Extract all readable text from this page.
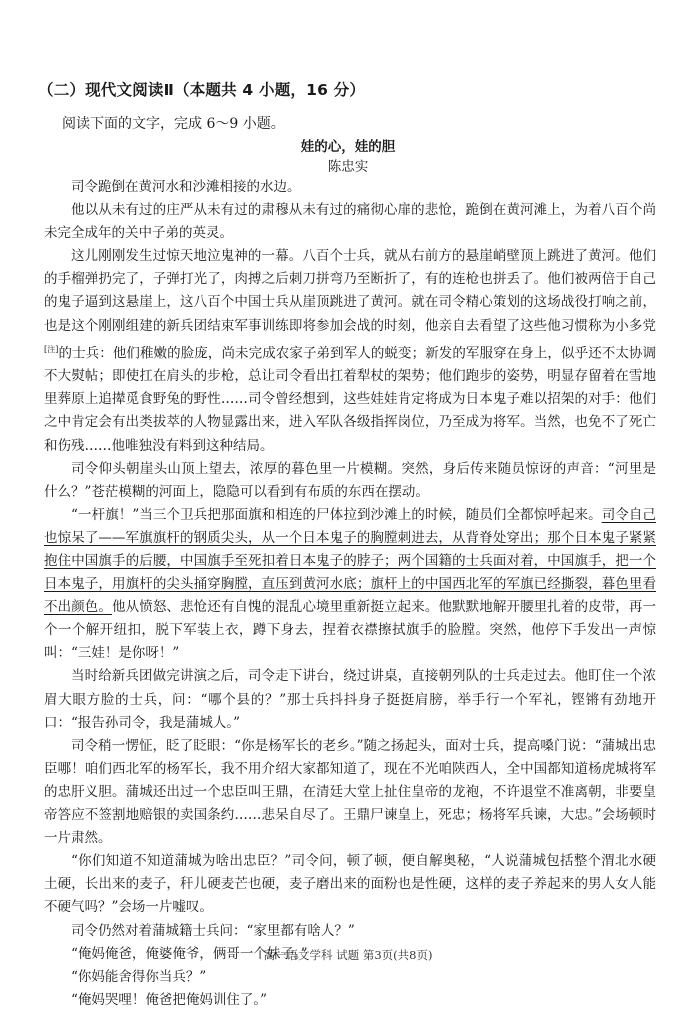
（二）现代文阅读Ⅱ（本题共 4 小题，16 分）
阅读下面的文字，完成 6～9 小题。
娃的心，娃的胆
陈忠实

司令跪倒在黄河水和沙滩相接的水边。

他以从未有过的庄严从未有过的肃穆从未有过的痛彻心扉的悲怆，跪倒在黄河滩上，为着八百个尚未完全成年的关中子弟的英灵。

这儿刚刚发生过惊天地泣鬼神的一幕。八百个士兵，就从右前方的悬崖峭壁顶上跳进了黄河。他们的手榴弹扔完了，子弹打光了，肉搏之后刺刀拼弯乃至断折了，有的连枪也拼丢了。他们被两倍于自己的鬼子逼到这悬崖上，这八百个中国士兵从崖顶跳进了黄河。就在司令精心策划的这场战役打响之前，也是这个刚刚组建的新兵团结束军事训练即将参加会战的时刻，他亲自去看望了这些他习惯称为小多党[注]的士兵：他们稚嫩的脸庞，尚未完成农家子弟到军人的蜕变；新发的军服穿在身上，似乎还不太协调不大熨帖；即使扛在肩头的步枪，总让司令看出扛着犁杖的架势；他们跑步的姿势，明显存留着在雪地里葬原上追撵觅食野兔的野性……司令曾经想到，这些娃娃肯定将成为日本鬼子难以招架的对手：他们之中肯定会有出类拔萃的人物显露出来，进入军队各级指挥岗位，乃至成为将军。当然，也免不了死亡和伤残……他唯独没有料到这种结局。

司令仰头朝崖头山顶上望去，浓厚的暮色里一片模糊。突然，身后传来随员惊讶的声音：“河里是什么？”苍茫模糊的河面上，隐隐可以看到有布质的东西在摆动。

“一杆旗！”当三个卫兵把那面旗和相连的尸体拉到沙滩上的时候，随员们全都惊呼起来。司令自己也惊呆了——军旗旗杆的钢质尖头，从一个日本鬼子的胸膛刺进去，从背脊处穿出；那个日本鬼子紧紧抱住中国旗手的后腰，中国旗手至死扣着日本鬼子的脖子；两个国籍的士兵面对着，中国旗手，把一个日本鬼子，用旗杆的尖头捅穿胸膛，直压到黄河水底；旗杆上的中国西北军的军旗已经撕裂，暮色里看不出颜色。他从愤怒、悲怆还有自愧的混乱心境里重新挺立起来。他默默地解开腰里扎着的皮带，再一个一个解开纽扣，脱下军装上衣，蹲下身去，捏着衣襟擦拭旗手的脸膛。突然，他停下手发出一声惊叫：“三娃！是你呀！”

当时给新兵团做完讲演之后，司令走下讲台，绕过讲桌，直接朝列队的士兵走过去。他盯住一个浓眉大眼方脸的士兵，问：“哪个县的？”那士兵抖抖身子挺挺肩膀，举手行一个军礼，铿锵有劲地开口：“报告孙司令，我是蒲城人。”

司令稍一愣怔，眨了眨眼：“你是杨军长的老乡。”随之扬起头，面对士兵，提高嗓门说：“蒲城出忠臣哪！咱们西北军的杨军长，我不用介绍大家都知道了，现在不光咱陕西人，全中国都知道杨虎城将军的忠肝义胆。蒲城还出过一个忠臣叫王鼎，在清廷大堂上扯住皇帝的龙袍，不许退堂不准离朝，非要皇帝答应不签割地赔银的卖国条约……悲呆自尽了。王鼎尸谏皇上，死忠；杨将军兵谏，大忠。”会场顿时一片肃然。

“你们知道不知道蒲城为啥出忠臣？”司令问，顿了顿，便自解奥秘，“人说蒲城包括整个渭北水硬土硬，长出来的麦子，秆儿硬麦芒也硬，麦子磨出来的面粉也是性硬，这样的麦子养起来的男人女人能不硬气吗？”会场一片嘘叹。

司令仍然对着蒲城籍士兵问：“家里都有啥人？”

“俺妈俺爸，俺婆俺爷，俩哥一个妹子。”

“你妈能舍得你当兵？”

“俺妈哭哩！俺爸把俺妈训住了。”

高一语文学科 试题 第3页(共8页)
